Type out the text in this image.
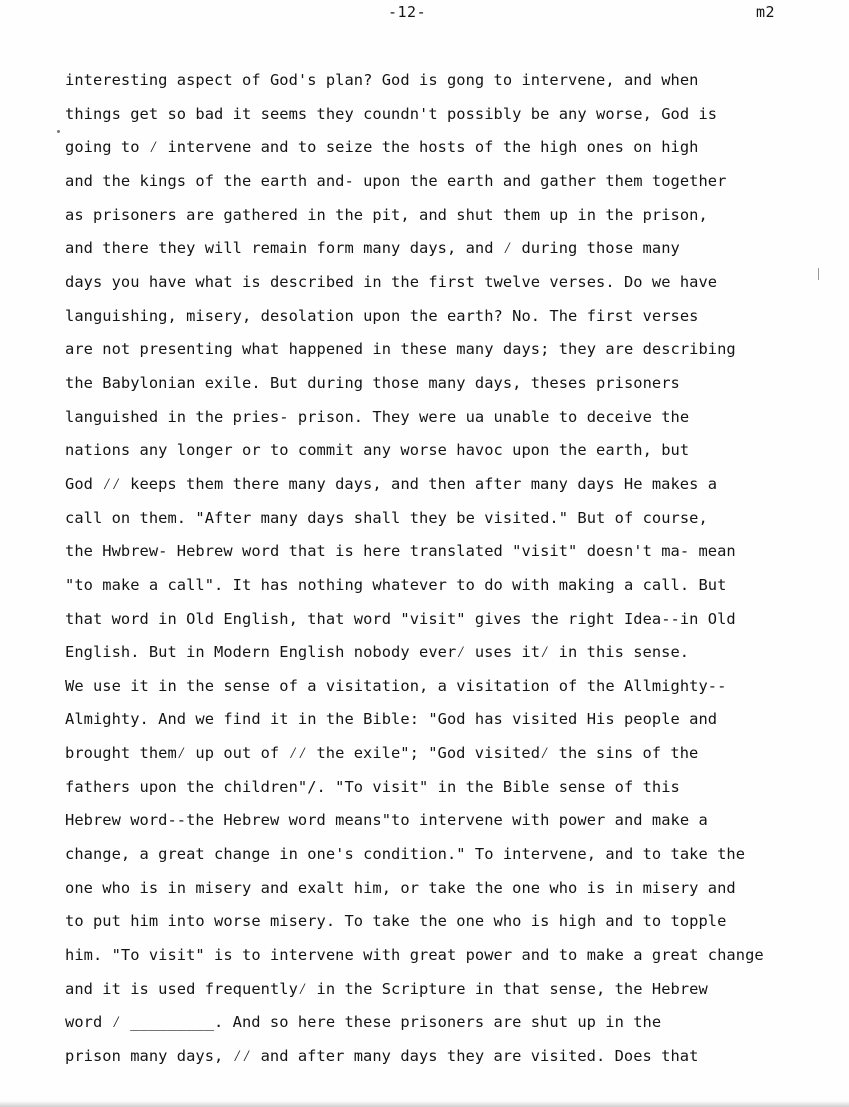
-12-	m2
interesting aspect of God's plan? God is gong to intervene, and when
things get so bad it seems they coundn't possibly be any worse, God is
going to ⁄ intervene and to seize the hosts of the high ones on high
and the kings of the earth and- upon the earth and gather them together
as prisoners are gathered in the pit, and shut them up in the prison,
and there they will remain form many days, and ⁄ during those many
days you have what is described in the first twelve verses. Do we have
languishing, misery, desolation upon the earth? No. The first verses
are not presenting what happened in these many days; they are describing
the Babylonian exile. But during those many days, theses prisoners
languished in the pries- prison. They were ua unable to deceive the
nations any longer or to commit any worse havoc upon the earth, but
God ⁄⁄ keeps them there many days, and then after many days He makes a
call on them. "After many days shall they be visited." But of course,
the Hwbrew- Hebrew word that is here translated "visit" doesn't ma- mean
"to make a call". It has nothing whatever to do with making a call. But
that word in Old English, that word "visit" gives the right Idea--in Old
English. But in Modern English nobody ever⁄ uses it⁄ in this sense.
We use it in the sense of a visitation, a visitation of the Allmighty--
Almighty. And we find it in the Bible: "God has visited His people and
brought them⁄ up out of ⁄⁄ the exile"; "God visited⁄ the sins of the
fathers upon the children"/. "To visit" in the Bible sense of this
Hebrew word--the Hebrew word means"to intervene with power and make a
change, a great change in one's condition." To intervene, and to take the
one who is in misery and exalt him, or take the one who is in misery and
to put him into worse misery. To take the one who is high and to topple
him. "To visit" is to intervene with great power and to make a great change
and it is used frequently⁄ in the Scripture in that sense, the Hebrew
word ⁄ _________. And so here these prisoners are shut up in the
prison many days, ⁄⁄ and after many days they are visited. Does that
